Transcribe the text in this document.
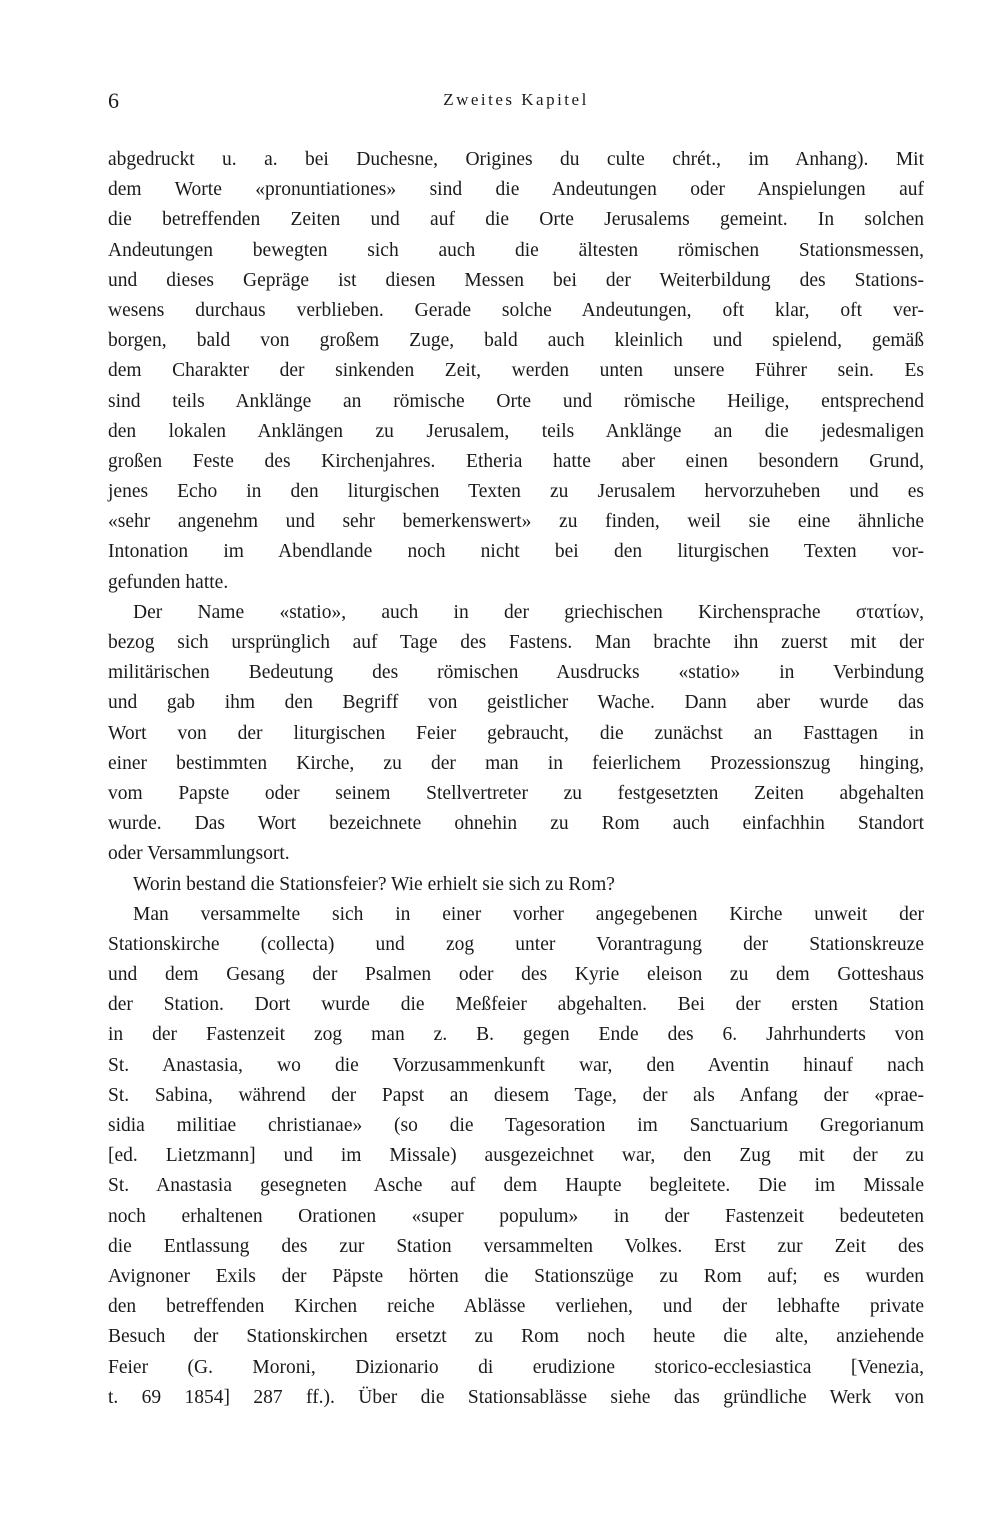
6	Zweites Kapitel
abgedruckt u. a. bei Duchesne, Origines du culte chrét., im Anhang). Mit
dem Worte «pronuntiationes» sind die Andeutungen oder Anspielungen auf
die betreffenden Zeiten und auf die Orte Jerusalems gemeint. In solchen
Andeutungen bewegten sich auch die ältesten römischen Stationsmessen,
und dieses Gepräge ist diesen Messen bei der Weiterbildung des Stations-
wesens durchaus verblieben. Gerade solche Andeutungen, oft klar, oft ver-
borgen, bald von großem Zuge, bald auch kleinlich und spielend, gemäß
dem Charakter der sinkenden Zeit, werden unten unsere Führer sein. Es
sind teils Anklänge an römische Orte und römische Heilige, entsprechend
den lokalen Anklängen zu Jerusalem, teils Anklänge an die jedesmaligen
großen Feste des Kirchenjahres. Etheria hatte aber einen besondern Grund,
jenes Echo in den liturgischen Texten zu Jerusalem hervorzuheben und es
«sehr angenehm und sehr bemerkenswert» zu finden, weil sie eine ähnliche
Intonation im Abendlande noch nicht bei den liturgischen Texten vor-
gefunden hatte.
Der Name «statio», auch in der griechischen Kirchensprache στατίων,
bezog sich ursprünglich auf Tage des Fastens. Man brachte ihn zuerst mit der
militärischen Bedeutung des römischen Ausdrucks «statio» in Verbindung
und gab ihm den Begriff von geistlicher Wache. Dann aber wurde das
Wort von der liturgischen Feier gebraucht, die zunächst an Fasttagen in
einer bestimmten Kirche, zu der man in feierlichem Prozessionszug hinging,
vom Papste oder seinem Stellvertreter zu festgesetzten Zeiten abgehalten
wurde. Das Wort bezeichnete ohnehin zu Rom auch einfachhin Standort
oder Versammlungsort.
Worin bestand die Stationsfeier? Wie erhielt sie sich zu Rom?
Man versammelte sich in einer vorher angegebenen Kirche unweit der
Stationskirche (collecta) und zog unter Vorantragung der Stationskreuze
und dem Gesang der Psalmen oder des Kyrie eleison zu dem Gotteshaus
der Station. Dort wurde die Meßfeier abgehalten. Bei der ersten Station
in der Fastenzeit zog man z. B. gegen Ende des 6. Jahrhunderts von
St. Anastasia, wo die Vorzusammenkunft war, den Aventin hinauf nach
St. Sabina, während der Papst an diesem Tage, der als Anfang der «prae-
sidia militiae christianae» (so die Tagesoration im Sanctuarium Gregorianum
[ed. Lietzmann] und im Missale) ausgezeichnet war, den Zug mit der zu
St. Anastasia gesegneten Asche auf dem Haupte begleitete. Die im Missale
noch erhaltenen Orationen «super populum» in der Fastenzeit bedeuteten
die Entlassung des zur Station versammelten Volkes. Erst zur Zeit des
Avignoner Exils der Päpste hörten die Stationszüge zu Rom auf; es wurden
den betreffenden Kirchen reiche Ablässe verliehen, und der lebhafte private
Besuch der Stationskirchen ersetzt zu Rom noch heute die alte, anziehende
Feier (G. Moroni, Dizionario di erudizione storico-ecclesiastica [Venezia,
t. 69 1854] 287 ff.). Über die Stationsablässe siehe das gründliche Werk von
